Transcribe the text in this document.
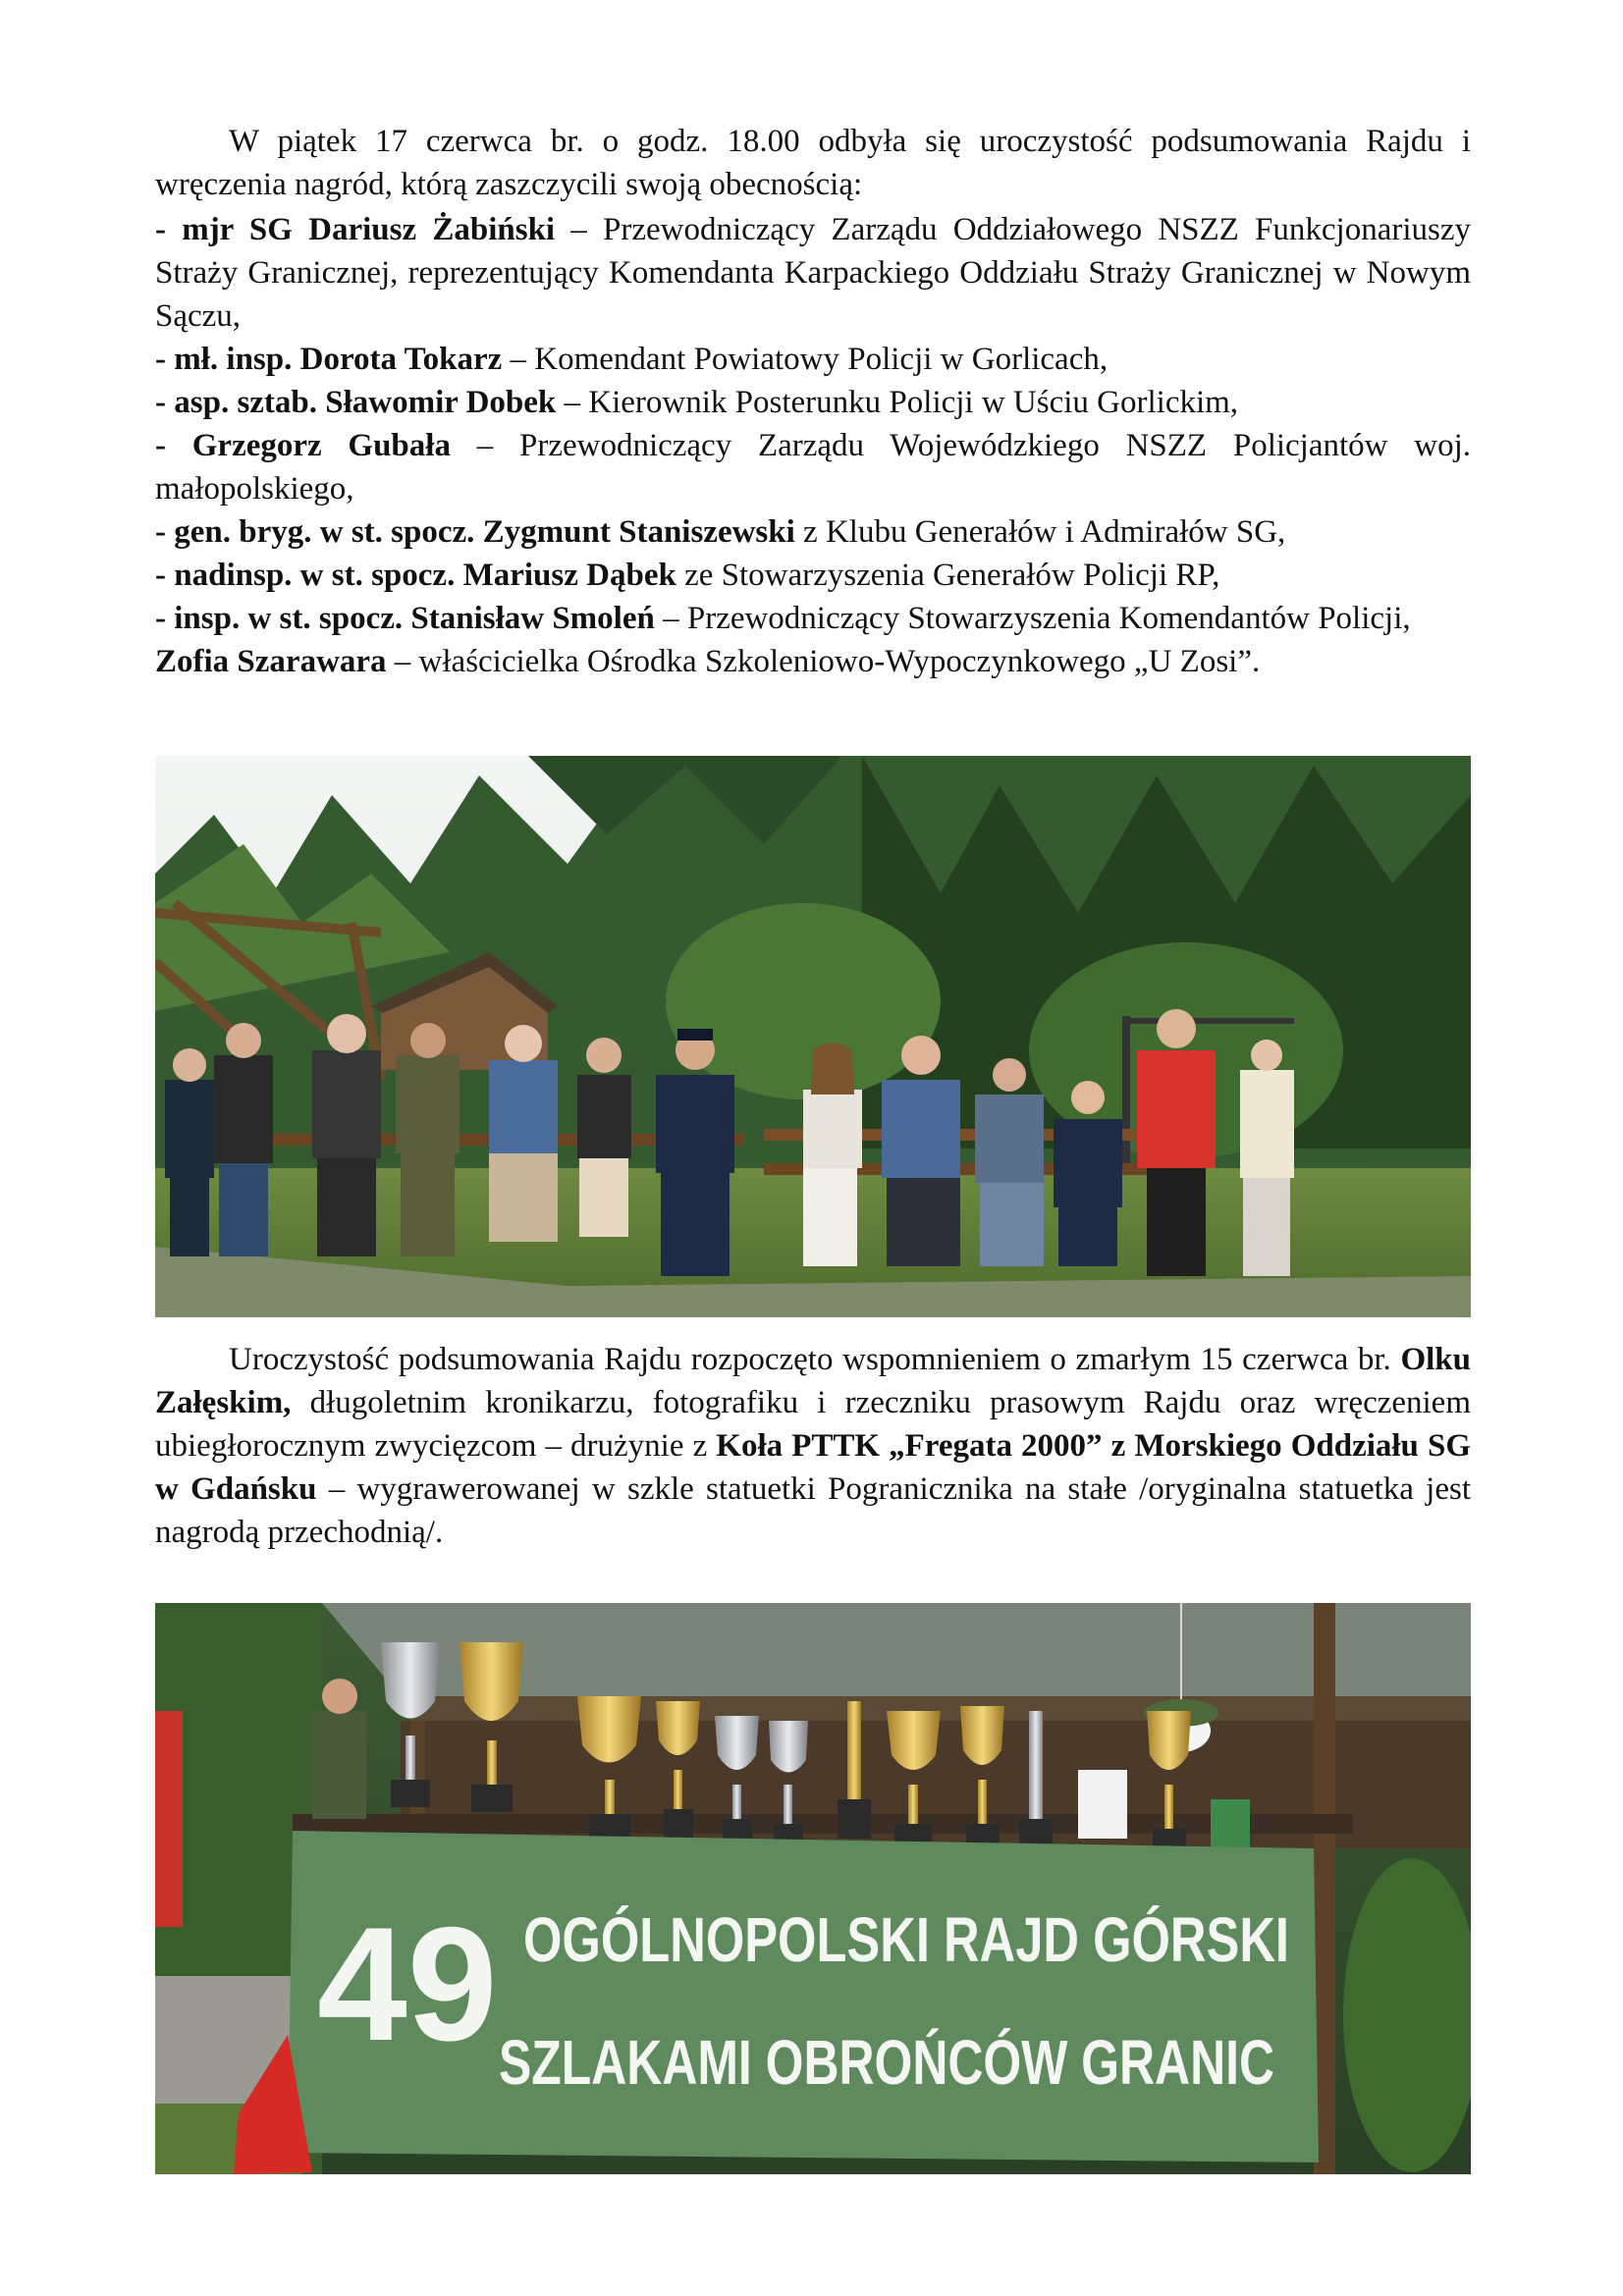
W piątek 17 czerwca br. o godz. 18.00 odbyła się uroczystość podsumowania Rajdu i wręczenia nagród, którą zaszczycili swoją obecnością:
- mjr SG Dariusz Żabiński – Przewodniczący Zarządu Oddziałowego NSZZ Funkcjonariuszy Straży Granicznej, reprezentujący Komendanta Karpackiego Oddziału Straży Granicznej w Nowym Sączu,
- mł. insp. Dorota Tokarz – Komendant Powiatowy Policji w Gorlicach,
- asp. sztab. Sławomir Dobek – Kierownik Posterunku Policji w Uściu Gorlickim,
- Grzegorz Gubała – Przewodniczący Zarządu Wojewódzkiego NSZZ Policjantów woj. małopolskiego,
- gen. bryg. w st. spocz. Zygmunt Staniszewski z Klubu Generałów i Admirałów SG,
- nadinsp. w st. spocz. Mariusz Dąbek ze Stowarzyszenia Generałów Policji RP,
- insp. w st. spocz. Stanisław Smoleń – Przewodniczący Stowarzyszenia Komendantów Policji,
Zofia Szarawara – właścicielka Ośrodka Szkoleniowo-Wypoczynkowego „U Zosi”.
Uroczystość podsumowania Rajdu rozpoczęto wspomnieniem o zmarłym 15 czerwca br. Olku Załęskim, długoletnim kronikarzu, fotografiku i rzeczniku prasowym Rajdu oraz wręczeniem ubiegłorocznym zwycięzcom – drużynie z Koła PTTK „Fregata 2000” z Morskiego Oddziału SG w Gdańsku – wygrawerowanej w szkle statuetki Pogranicznika na stałe /oryginalna statuetka jest nagrodą przechodnią/.
49 OGÓLNOPOLSKI RAJD GÓRSKI
SZLAKAMI OBROŃCÓW GRANIC
